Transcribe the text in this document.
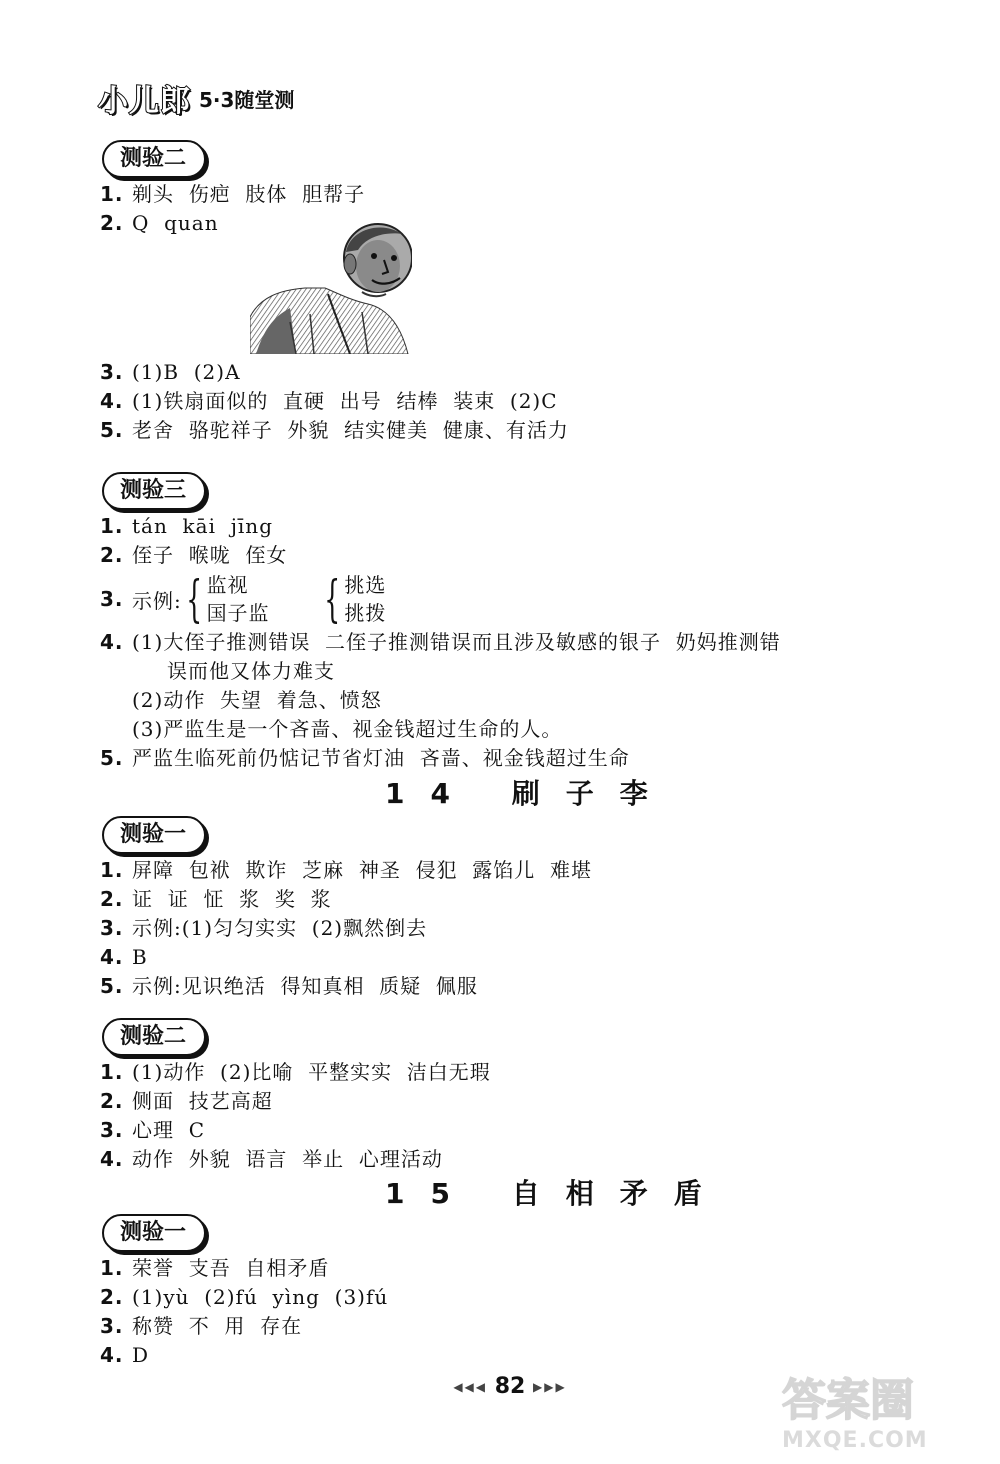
小儿郎 5·3随堂测
测验二
1. 剃头  伤疤  肢体  胆帮子
2. Q  quan
3. (1)B  (2)A
4. (1)铁扇面似的  直硬  出号  结棒  装束  (2)C
5. 老舍  骆驼祥子  外貌  结实健美  健康、有活力
测验三
1. tán  kāi  jīng
2. 侄子  喉咙  侄女
3. 示例: { 监视
国子监 { 挑选
挑拨
4. (1)大侄子推测错误  二侄子推测错误而且涉及敏感的银子  奶妈推测错
误而他又体力难支
(2)动作  失望  着急、愤怒
(3)严监生是一个吝啬、视金钱超过生命的人。
5. 严监生临死前仍惦记节省灯油  吝啬、视金钱超过生命
14 刷子李
测验一
1. 屏障  包袱  欺诈  芝麻  神圣  侵犯  露馅儿  难堪
2. 证  证  怔  浆  奖  浆
3. 示例:(1)匀匀实实  (2)飘然倒去
4. B
5. 示例:见识绝活  得知真相  质疑  佩服
测验二
1. (1)动作  (2)比喻  平整实实  洁白无瑕
2. 侧面  技艺高超
3. 心理  C
4. 动作  外貌  语言  举止  心理活动
15 自相矛盾
测验一
1. 荣誉  支吾  自相矛盾
2. (1)yù  (2)fú  yìng  (3)fú
3. 称赞  不  用  存在
4. D
◀◀◀ 82 ▶▶▶	答案圈
MXQE.COM
